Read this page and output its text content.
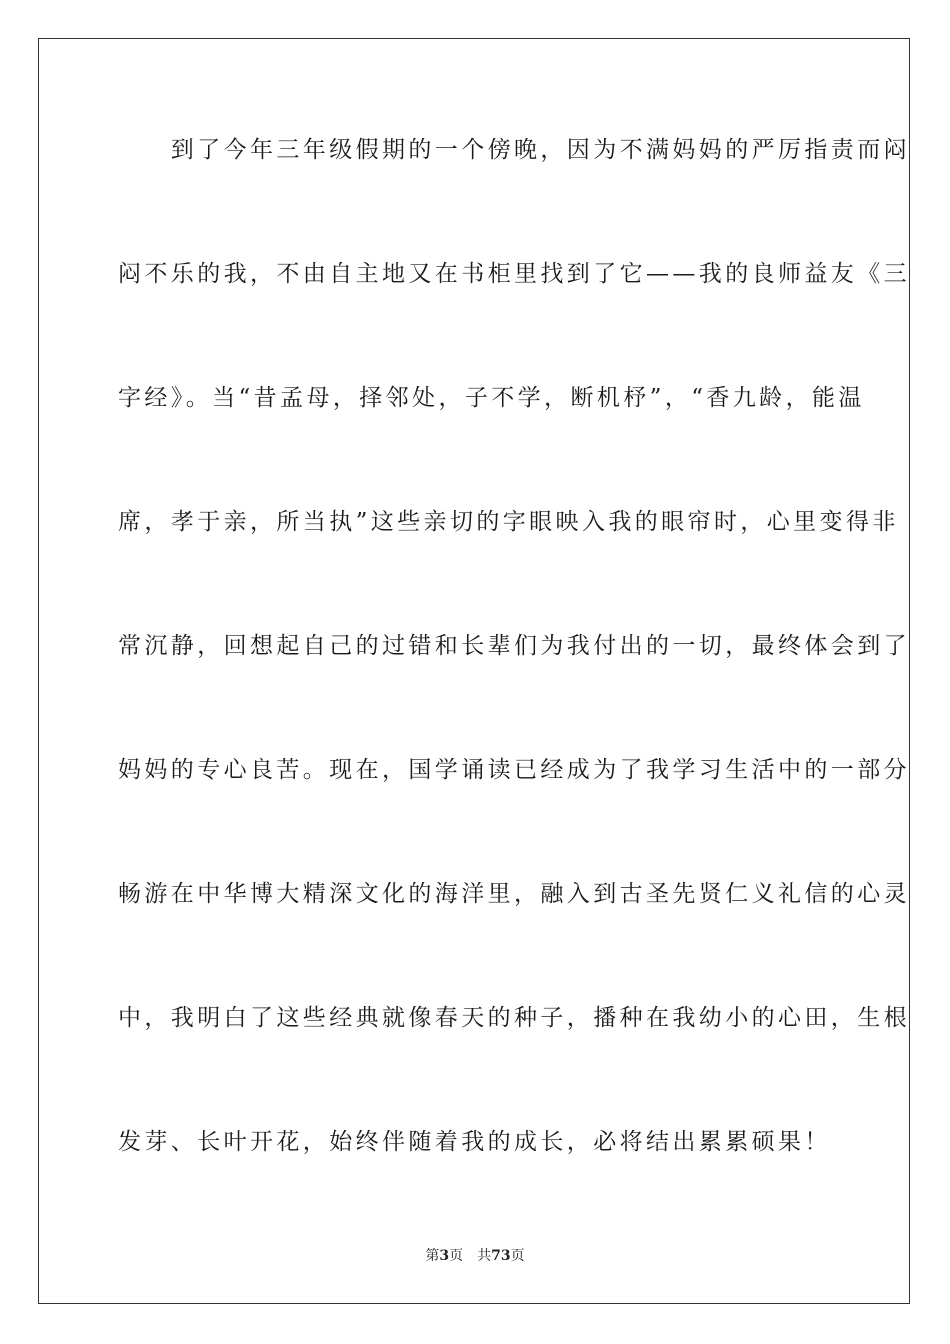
　　到了今年三年级假期的一个傍晚，因为不满妈妈的严厉指责而闷
闷不乐的我，不由自主地又在书柜里找到了它——我的良师益友《三
字经》。当“昔孟母，择邻处，子不学，断机杼”，“香九龄，能温
席，孝于亲，所当执”这些亲切的字眼映入我的眼帘时，心里变得非
常沉静，回想起自己的过错和长辈们为我付出的一切，最终体会到了
妈妈的专心良苦。现在，国学诵读已经成为了我学习生活中的一部分
畅游在中华博大精深文化的海洋里，融入到古圣先贤仁义礼信的心灵
中，我明白了这些经典就像春天的种子，播种在我幼小的心田，生根
发芽、长叶开花，始终伴随着我的成长，必将结出累累硕果！
第3页 共73页
